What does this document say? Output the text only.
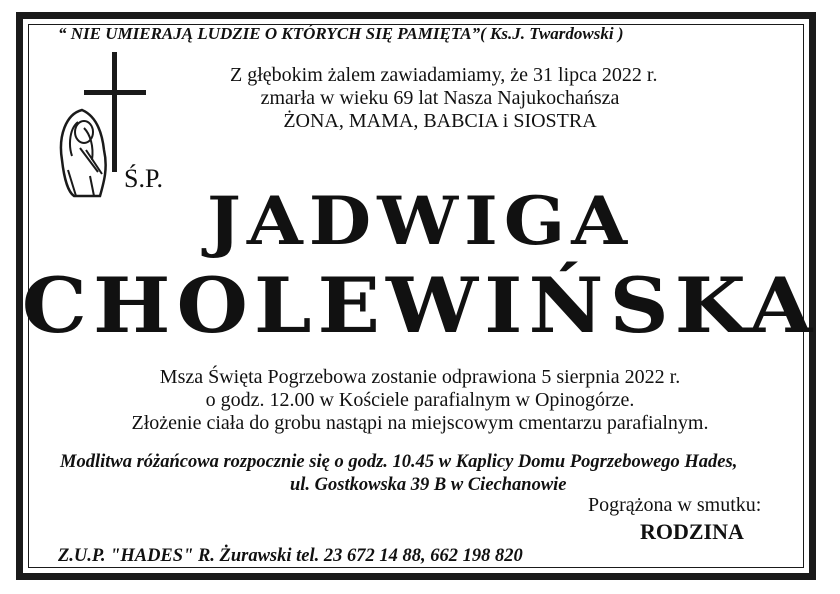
“ NIE UMIERAJĄ LUDZIE O KTÓRYCH SIĘ PAMIĘTA”( Ks.J. Twardowski )
Ś.P.
Z głębokim żalem zawiadamiamy, że 31 lipca 2022 r.
zmarła w wieku 69 lat Nasza Najukochańsza
ŻONA, MAMA, BABCIA i SIOSTRA
JADWIGA
CHOLEWIŃSKA
Msza Święta Pogrzebowa zostanie odprawiona 5 sierpnia 2022 r.
o godz. 12.00 w Kościele parafialnym w Opinogórze.
Złożenie ciała do grobu nastąpi na miejscowym cmentarzu parafialnym.
Modlitwa różańcowa rozpocznie się o godz. 10.45 w Kaplicy Domu Pogrzebowego Hades,
ul. Gostkowska 39 B w Ciechanowie
Pogrążona w smutku:
RODZINA
Z.U.P. "HADES" R. Żurawski tel. 23 672 14 88, 662 198 820
